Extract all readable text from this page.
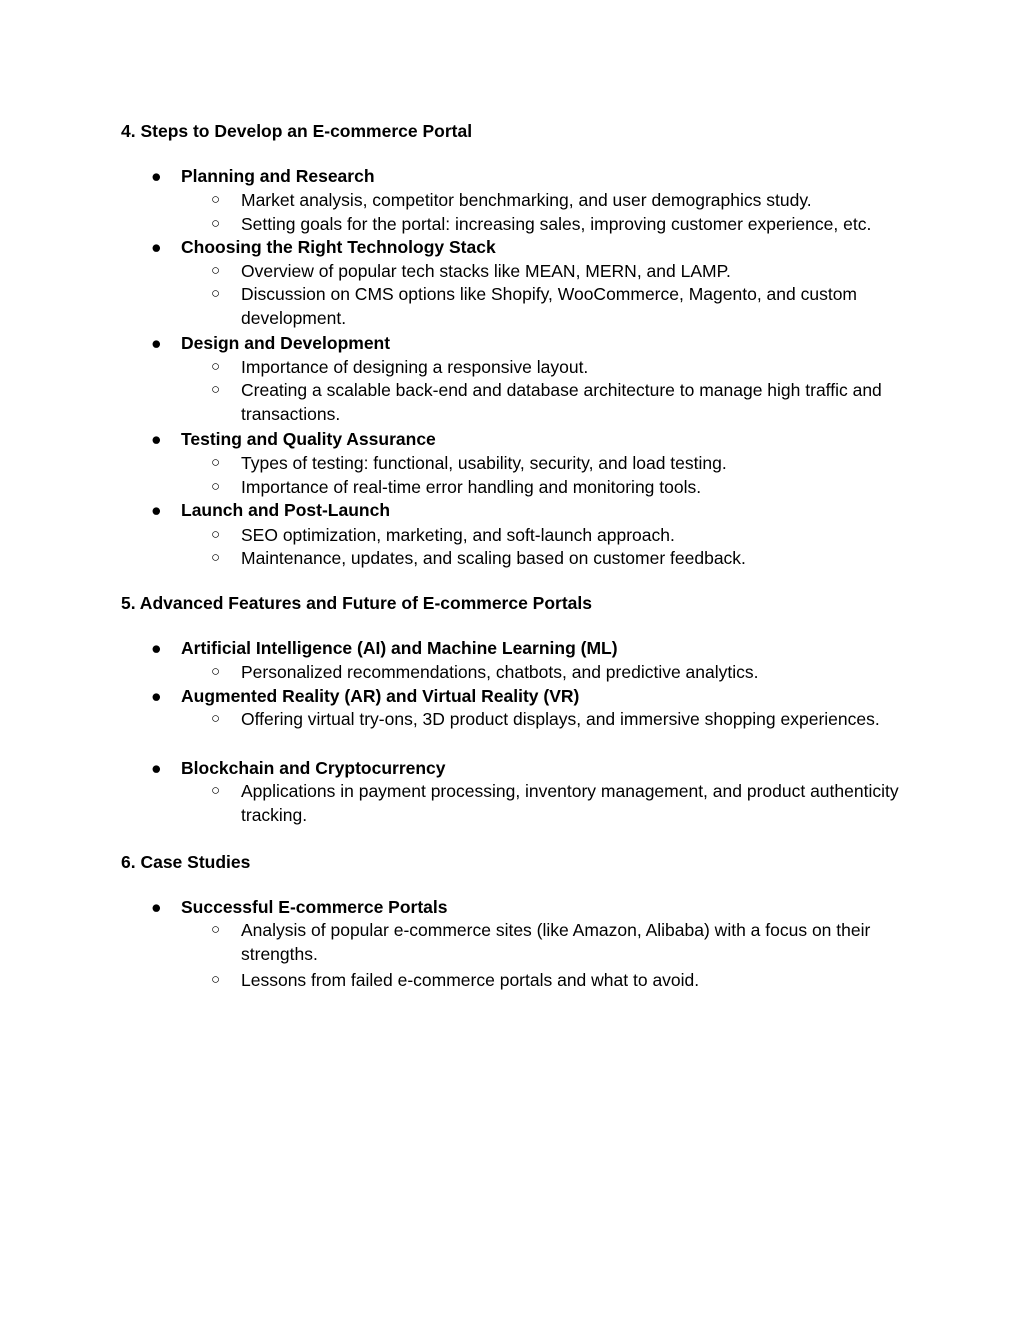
4. Steps to Develop an E-commerce Portal
● Planning and Research
○ Market analysis, competitor benchmarking, and user demographics study.
○ Setting goals for the portal: increasing sales, improving customer experience, etc.
● Choosing the Right Technology Stack
○ Overview of popular tech stacks like MEAN, MERN, and LAMP.
○ Discussion on CMS options like Shopify, WooCommerce, Magento, and custom development.
● Design and Development
○ Importance of designing a responsive layout.
○ Creating a scalable back-end and database architecture to manage high traffic and transactions.
● Testing and Quality Assurance
○ Types of testing: functional, usability, security, and load testing.
○ Importance of real-time error handling and monitoring tools.
● Launch and Post-Launch
○ SEO optimization, marketing, and soft-launch approach.
○ Maintenance, updates, and scaling based on customer feedback.
5. Advanced Features and Future of E-commerce Portals
● Artificial Intelligence (AI) and Machine Learning (ML)
○ Personalized recommendations, chatbots, and predictive analytics.
● Augmented Reality (AR) and Virtual Reality (VR)
○ Offering virtual try-ons, 3D product displays, and immersive shopping experiences.
● Blockchain and Cryptocurrency
○ Applications in payment processing, inventory management, and product authenticity tracking.
6. Case Studies
● Successful E-commerce Portals
○ Analysis of popular e-commerce sites (like Amazon, Alibaba) with a focus on their strengths.
○ Lessons from failed e-commerce portals and what to avoid.
